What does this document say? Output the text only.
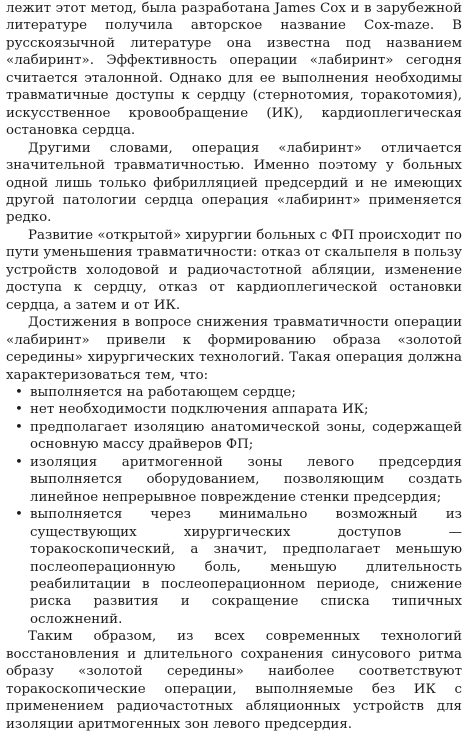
лежит этот метод, была разработана James Cox и в зарубежной литературе получила авторское название Cox-maze. В русскоязычной литературе она известна под названием «лабиринт». Эффективность операции «лабиринт» сегодня считается эталонной. Однако для ее выполнения необходимы травматичные доступы к сердцу (стернотомия, торакотомия), искусственное кровообращение (ИК), кардиоплегическая остановка сердца.

Другими словами, операция «лабиринт» отличается значительной травматичностью. Именно поэтому у больных одной лишь только фибрилляцией предсердий и не имеющих другой патологии сердца операция «лабиринт» применяется редко.

Развитие «открытой» хирургии больных с ФП происходит по пути уменьшения травматичности: отказ от скальпеля в пользу устройств холодовой и радиочастотной абляции, изменение доступа к сердцу, отказ от кардиоплегической остановки сердца, а затем и от ИК.

Достижения в вопросе снижения травматичности операции «лабиринт» привели к формированию образа «золотой середины» хирургических технологий. Такая операция должна характеризоваться тем, что:

• выполняется на работающем сердце;
• нет необходимости подключения аппарата ИК;
• предполагает изоляцию анатомической зоны, содержащей основную массу драйверов ФП;
• изоляция аритмогенной зоны левого предсердия выполняется оборудованием, позволяющим создать линейное непрерывное повреждение стенки предсердия;
• выполняется через минимально возможный из существующих хирургических доступов — торакоскопический, а значит, предполагает меньшую послеоперационную боль, меньшую длительность реабилитации в послеоперационном периоде, снижение риска развития и сокращение списка типичных осложнений.

Таким образом, из всех современных технологий восстановления и длительного сохранения синусового ритма образу «золотой середины» наиболее соответствуют торакоскопические операции, выполняемые без ИК с применением радиочастотных абляционных устройств для изоляции аритмогенных зон левого предсердия.
